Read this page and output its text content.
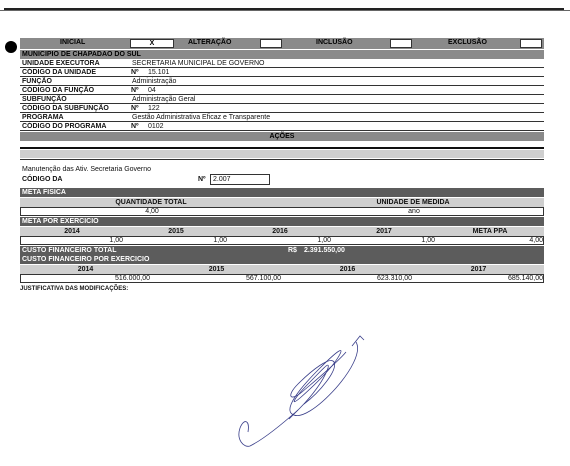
INICIAL	X	ALTERAÇÃO	INCLUSÃO	EXCLUSÃO
MUNICIPIO DE CHAPADAO DO SUL
UNIDADE EXECUTORA	SECRETARIA MUNICIPAL DE GOVERNO
CÓDIGO DA UNIDADE	Nº 15.101
FUNÇÃO	Administração
CÓDIGO DA FUNÇÃO	Nº 04
SUBFUNÇÃO	Administração Geral
CÓDIGO DA SUBFUNÇÃO	Nº 122
PROGRAMA	Gestão Administrativa Eficaz e Transparente
CÓDIGO DO PROGRAMA	Nº 0102
AÇÕES
Manutenção das Ativ. Secretaria Governo
CÓDIGO DA	Nº	2.007
META FISICA
QUANTIDADE TOTAL	UNIDADE DE MEDIDA
4,00	ano
META POR EXERCICIO
2014	2015	2016	2017	META PPA
1,00	1,00	1,00	1,00	4,00
CUSTO FINANCEIRO TOTAL	R$ 2.391.550,00
CUSTO FINANCEIRO POR EXERCICIO
2014	2015	2016	2017
516.000,00	567.100,00	623.310,00	685.140,00
JUSTIFICATIVA DAS MODIFICAÇÕES:
